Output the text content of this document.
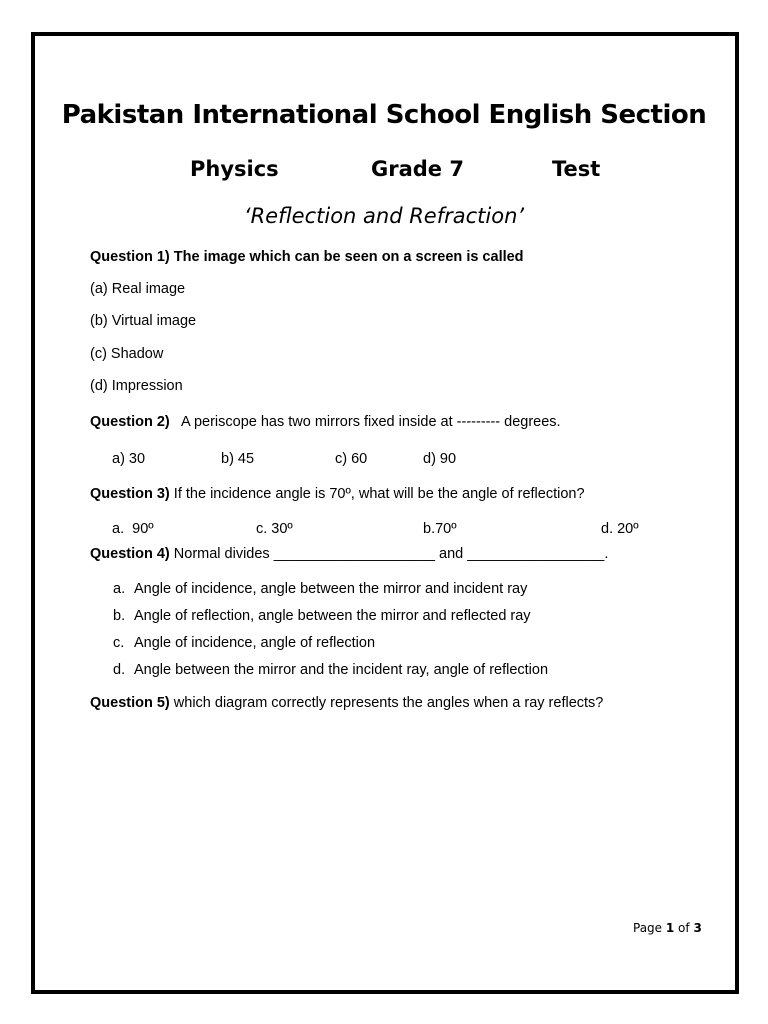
Pakistan International School English Section
Physics	Grade 7	Test
‘Reflection and Refraction’
Question 1) The image which can be seen on a screen is called
(a) Real image
(b) Virtual image
(c) Shadow
(d) Impression
Question 2)   A periscope has two mirrors fixed inside at --------- degrees.
a) 30	b) 45	c) 60	d) 90
Question 3) If the incidence angle is 70º, what will be the angle of reflection?
a.  90º	c. 30º	b.70º	d. 20º
Question 4) Normal divides ____________________ and _________________.
a. Angle of incidence, angle between the mirror and incident ray
b. Angle of reflection, angle between the mirror and reflected ray
c. Angle of incidence, angle of reflection
d. Angle between the mirror and the incident ray, angle of reflection
Question 5) which diagram correctly represents the angles when a ray reflects?
Page 1 of 3
